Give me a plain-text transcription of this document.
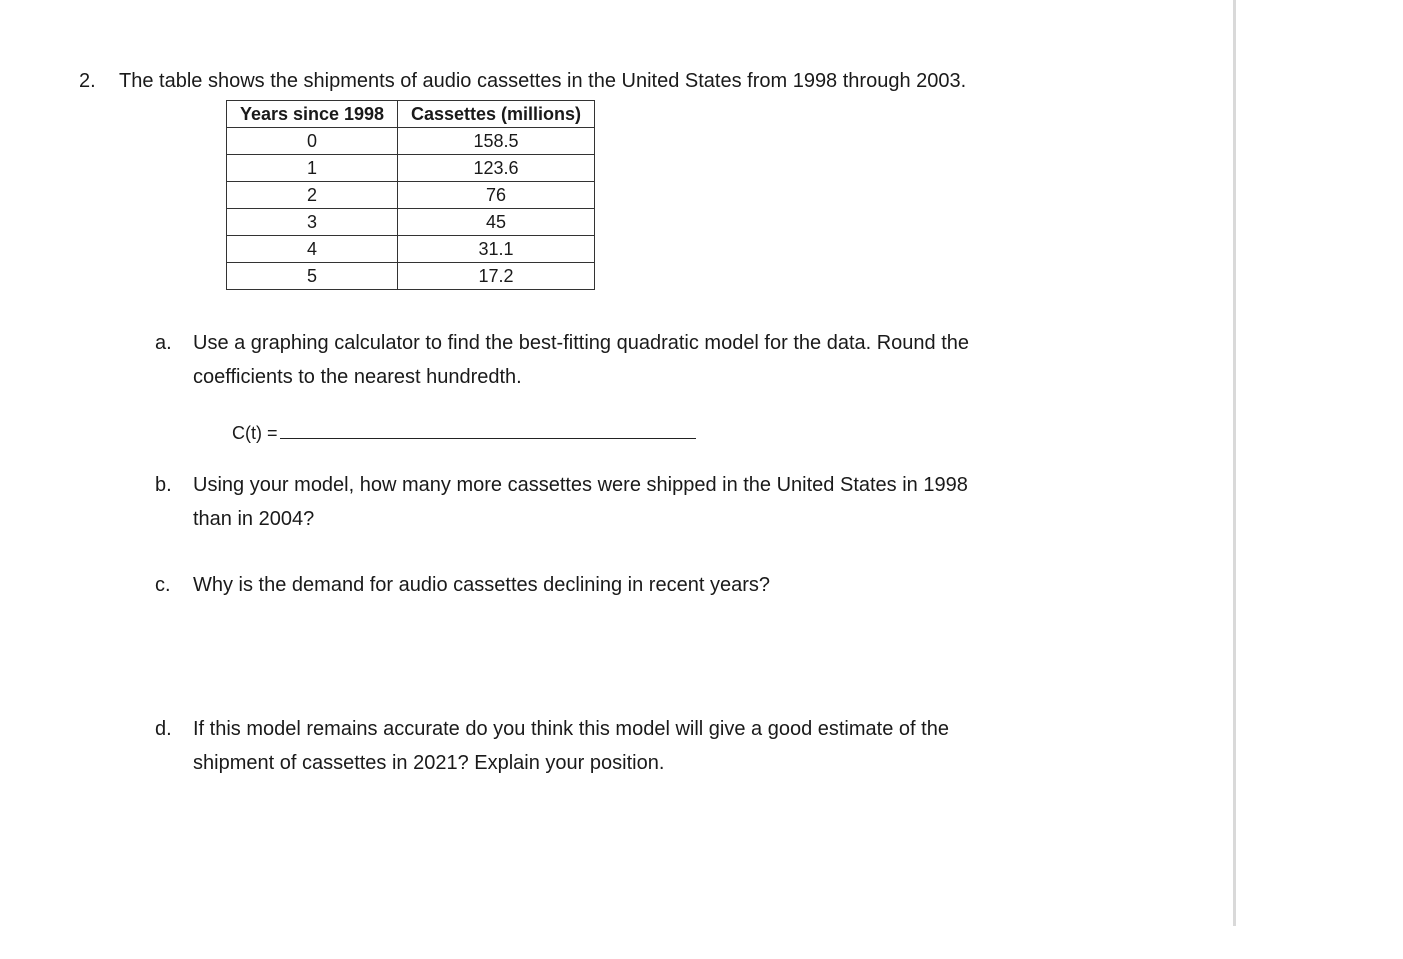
2. The table shows the shipments of audio cassettes in the United States from 1998 through 2003.
Years since 1998	Cassettes (millions)
0	158.5
1	123.6
2	76
3	45
4	31.1
5	17.2
a. Use a graphing calculator to find the best-fitting quadratic model for the data. Round the
coefficients to the nearest hundredth.
C(t) =
b. Using your model, how many more cassettes were shipped in the United States in 1998
than in 2004?
c. Why is the demand for audio cassettes declining in recent years?
d. If this model remains accurate do you think this model will give a good estimate of the
shipment of cassettes in 2021? Explain your position.
